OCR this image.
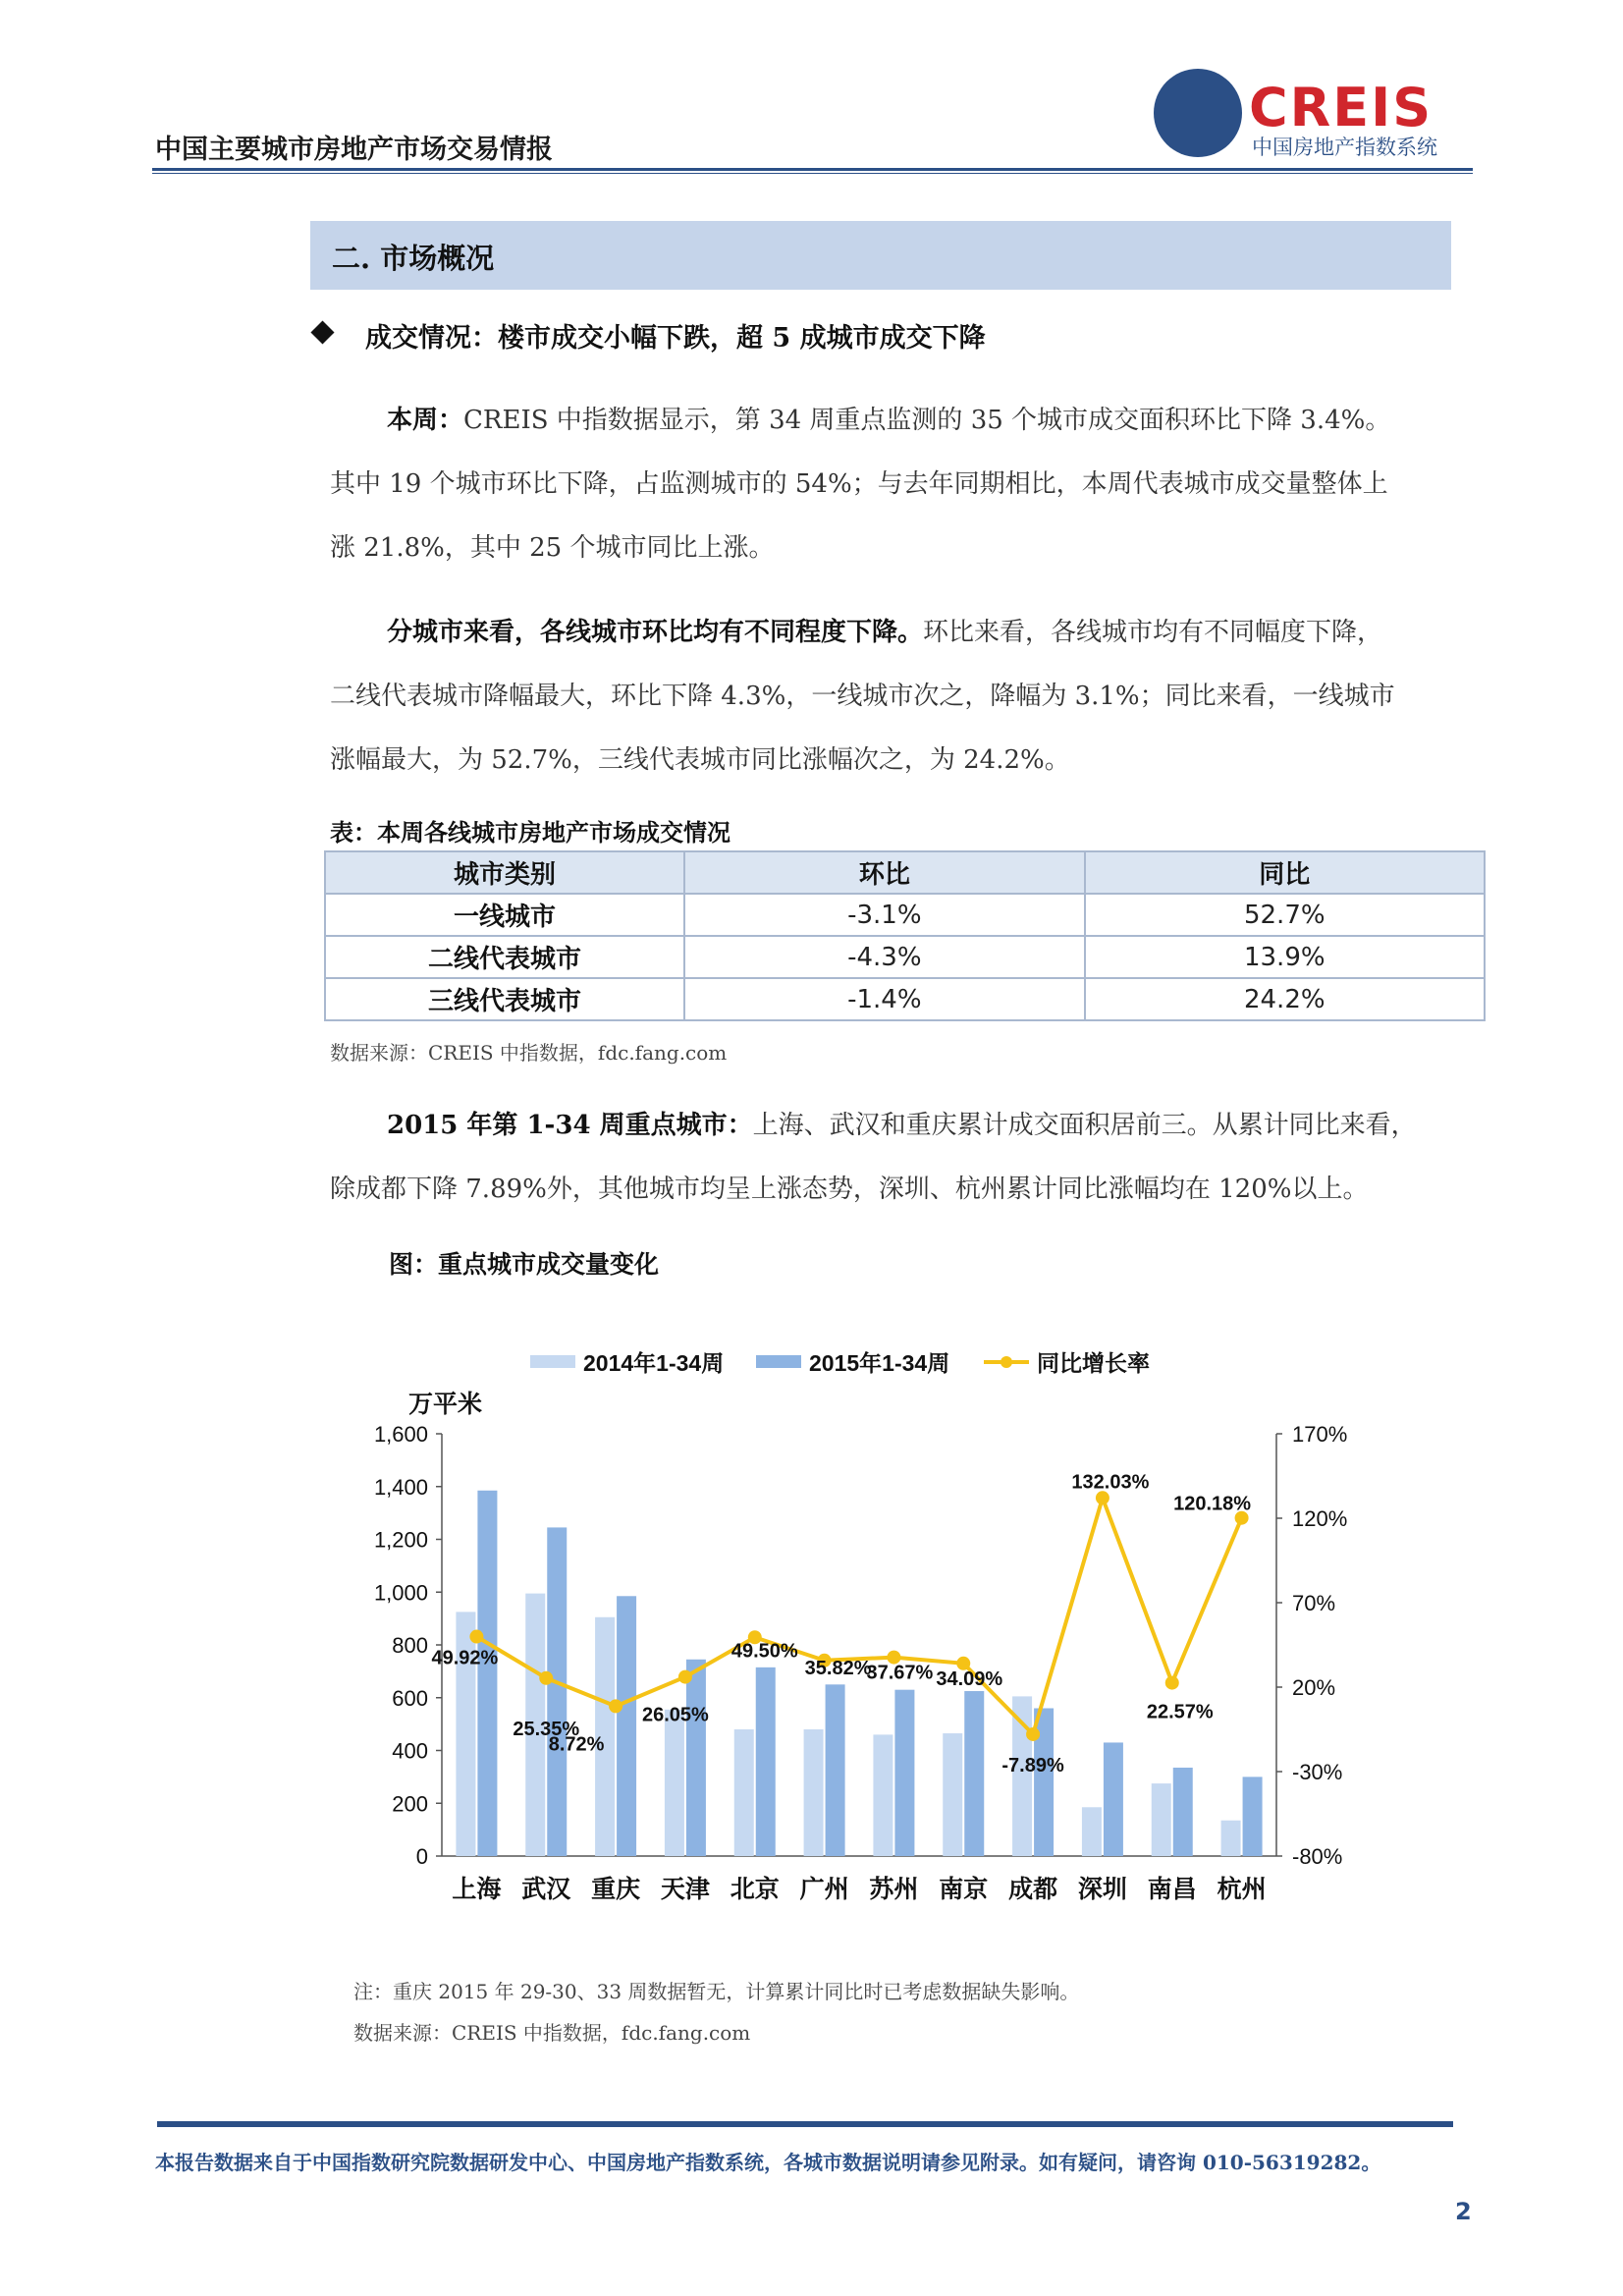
中国主要城市房地产市场交易情报
CREIS
中国房地产指数系统
二. 市场概况
成交情况：楼市成交小幅下跌，超 5 成城市成交下降
本周：CREIS 中指数据显示，第 34 周重点监测的 35 个城市成交面积环比下降 3.4%。
其中 19 个城市环比下降，占监测城市的 54%；与去年同期相比，本周代表城市成交量整体上
涨 21.8%，其中 25 个城市同比上涨。
分城市来看，各线城市环比均有不同程度下降。环比来看，各线城市均有不同幅度下降，
二线代表城市降幅最大，环比下降 4.3%，一线城市次之，降幅为 3.1%；同比来看，一线城市
涨幅最大，为 52.7%，三线代表城市同比涨幅次之，为 24.2%。
表：本周各线城市房地产市场成交情况
城市类别	环比	同比
一线城市	-3.1%	52.7%
二线代表城市	-4.3%	13.9%
三线代表城市	-1.4%	24.2%
数据来源：CREIS 中指数据，fdc.fang.com
2015 年第 1-34 周重点城市：上海、武汉和重庆累计成交面积居前三。从累计同比来看，
除成都下降 7.89%外，其他城市均呈上涨态势，深圳、杭州累计同比涨幅均在 120%以上。
图：重点城市成交量变化
2014年1-34周	2015年1-34周	同比增长率
万平米
0
200
400
600
800
1,000
1,200
1,400
1,600
-80%
-30%
20%
70%
120%
170%
上海 武汉 重庆 天津 北京 广州 苏州 南京 成都 深圳 南昌 杭州
49.92%
25.35%
8.72%
26.05%
49.50%
35.82%
37.67% 34.09%
-7.89%
132.03%
22.57%
120.18%
注：重庆 2015 年 29-30、33 周数据暂无，计算累计同比时已考虑数据缺失影响。
数据来源：CREIS 中指数据，fdc.fang.com
本报告数据来自于中国指数研究院数据研发中心、中国房地产指数系统，各城市数据说明请参见附录。如有疑问，请咨询 010-56319282。
2
